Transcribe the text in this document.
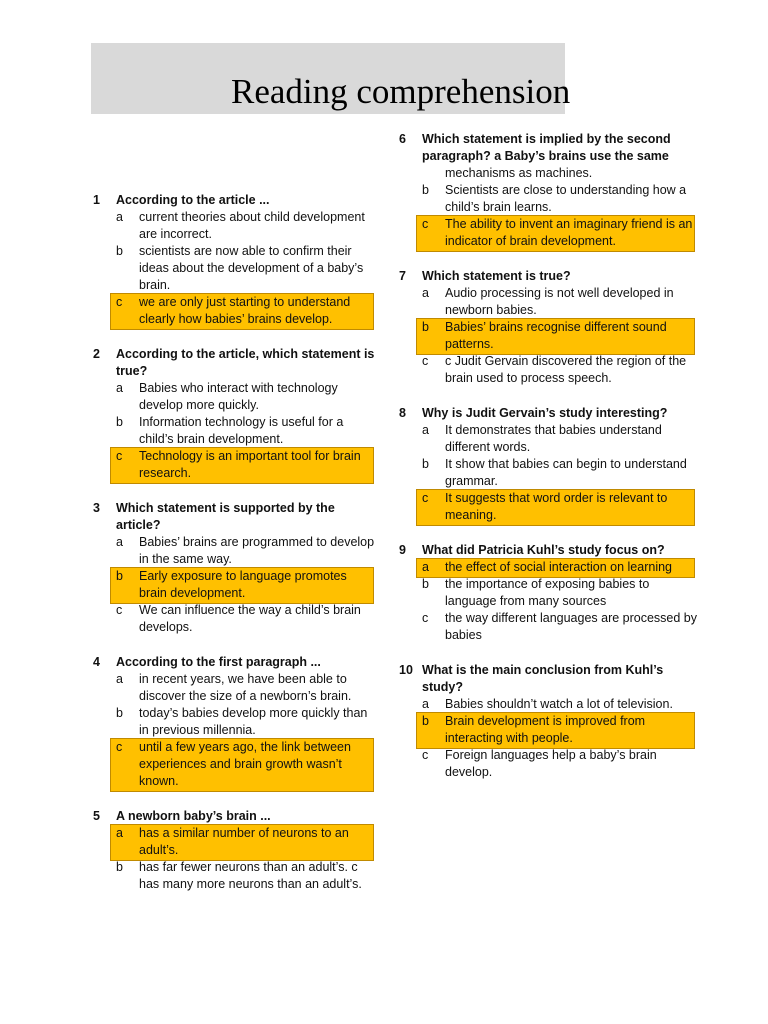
Reading comprehension
1 According to the article ...
a current theories about child development are incorrect.
b scientists are now able to confirm their ideas about the development of a baby’s brain.
c we are only just starting to understand clearly how babies’ brains develop.
2 According to the article, which statement is true?
a Babies who interact with technology develop more quickly.
b Information technology is useful for a child’s brain development.
c Technology is an important tool for brain research.
3 Which statement is supported by the article?
a Babies’ brains are programmed to develop in the same way.
b Early exposure to language promotes brain development.
c We can influence the way a child’s brain develops.
4 According to the first paragraph ...
a in recent years, we have been able to discover the size of a newborn’s brain.
b today’s babies develop more quickly than in previous millennia.
c until a few years ago, the link between experiences and brain growth wasn’t known.
5 A newborn baby’s brain ...
a has a similar number of neurons to an adult’s.
b has far fewer neurons than an adult’s. c has many more neurons than an adult’s.
6 Which statement is implied by the second paragraph? a Baby’s brains use the same
mechanisms as machines.
b Scientists are close to understanding how a child’s brain learns.
c The ability to invent an imaginary friend is an indicator of brain development.
7 Which statement is true?
a Audio processing is not well developed in newborn babies.
b Babies’ brains recognise different sound patterns.
c c Judit Gervain discovered the region of the brain used to process speech.
8 Why is Judit Gervain’s study interesting?
a It demonstrates that babies understand different words.
b It show that babies can begin to understand grammar.
c It suggests that word order is relevant to meaning.
9 What did Patricia Kuhl’s study focus on?
a the effect of social interaction on learning
b the importance of exposing babies to language from many sources
c the way different languages are processed by babies
10 What is the main conclusion from Kuhl’s study?
a Babies shouldn’t watch a lot of television.
b Brain development is improved from interacting with people.
c Foreign languages help a baby’s brain develop.
